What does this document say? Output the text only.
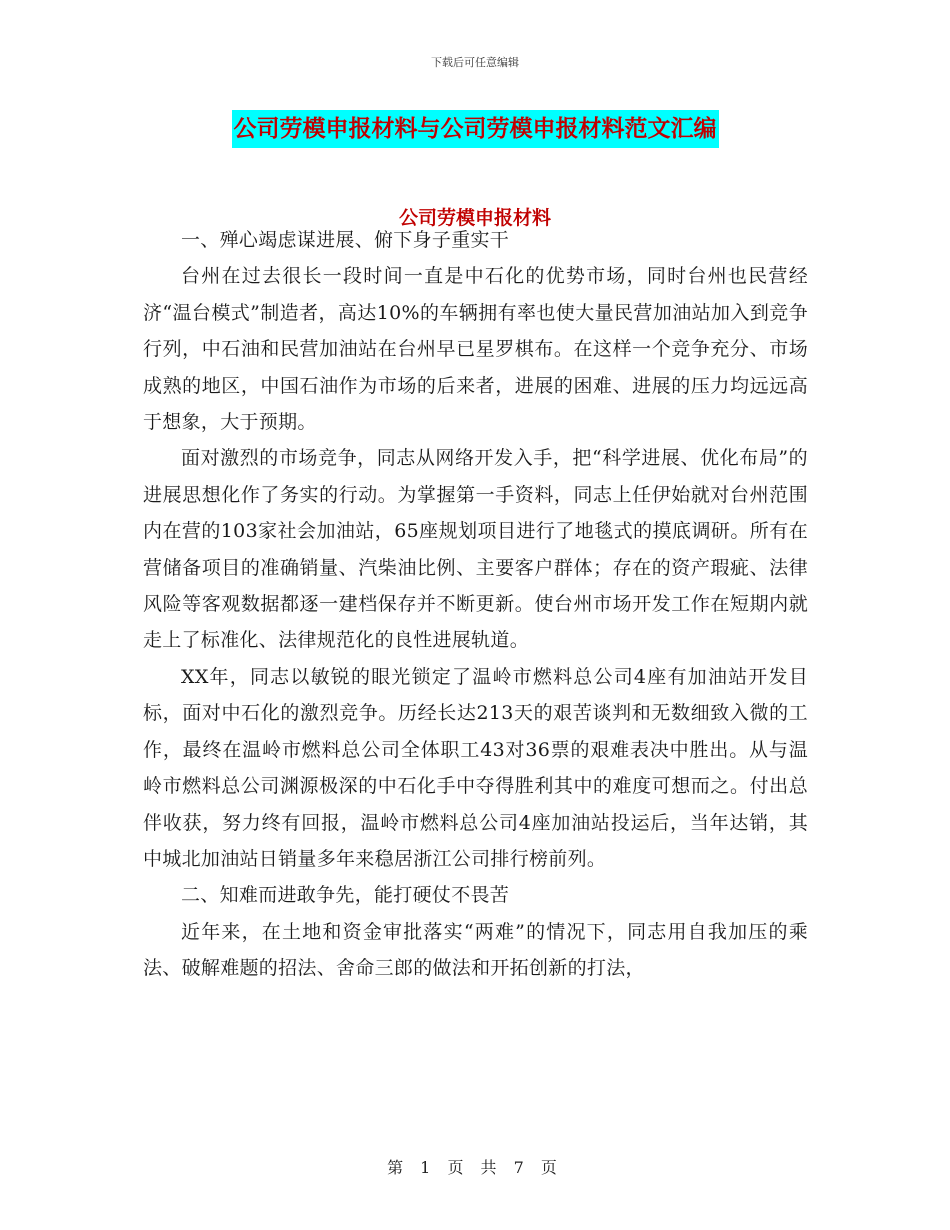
下载后可任意编辑
公司劳模申报材料与公司劳模申报材料范文汇编
公司劳模申报材料

一、殚心竭虑谋进展、俯下身子重实干

台州在过去很长一段时间一直是中石化的优势市场，同时台州也民营经济“温台模式”制造者，高达10%的车辆拥有率也使大量民营加油站加入到竞争行列，中石油和民营加油站在台州早已星罗棋布。在这样一个竞争充分、市场成熟的地区，中国石油作为市场的后来者，进展的困难、进展的压力均远远高于想象，大于预期。

面对激烈的市场竞争，同志从网络开发入手，把“科学进展、优化布局”的进展思想化作了务实的行动。为掌握第一手资料，同志上任伊始就对台州范围内在营的103家社会加油站，65座规划项目进行了地毯式的摸底调研。所有在营储备项目的准确销量、汽柴油比例、主要客户群体；存在的资产瑕疵、法律风险等客观数据都逐一建档保存并不断更新。使台州市场开发工作在短期内就走上了标准化、法律规范化的良性进展轨道。

XX年，同志以敏锐的眼光锁定了温岭市燃料总公司4座有加油站开发目标，面对中石化的激烈竞争。历经长达213天的艰苦谈判和无数细致入微的工作，最终在温岭市燃料总公司全体职工43对36票的艰难表决中胜出。从与温岭市燃料总公司渊源极深的中石化手中夺得胜利其中的难度可想而之。付出总伴收获，努力终有回报，温岭市燃料总公司4座加油站投运后，当年达销，其中城北加油站日销量多年来稳居浙江公司排行榜前列。

二、知难而进敢争先，能打硬仗不畏苦

近年来，在土地和资金审批落实“两难”的情况下，同志用自我加压的乘法、破解难题的招法、舍命三郎的做法和开拓创新的打法，

第 1 页 共 7 页
